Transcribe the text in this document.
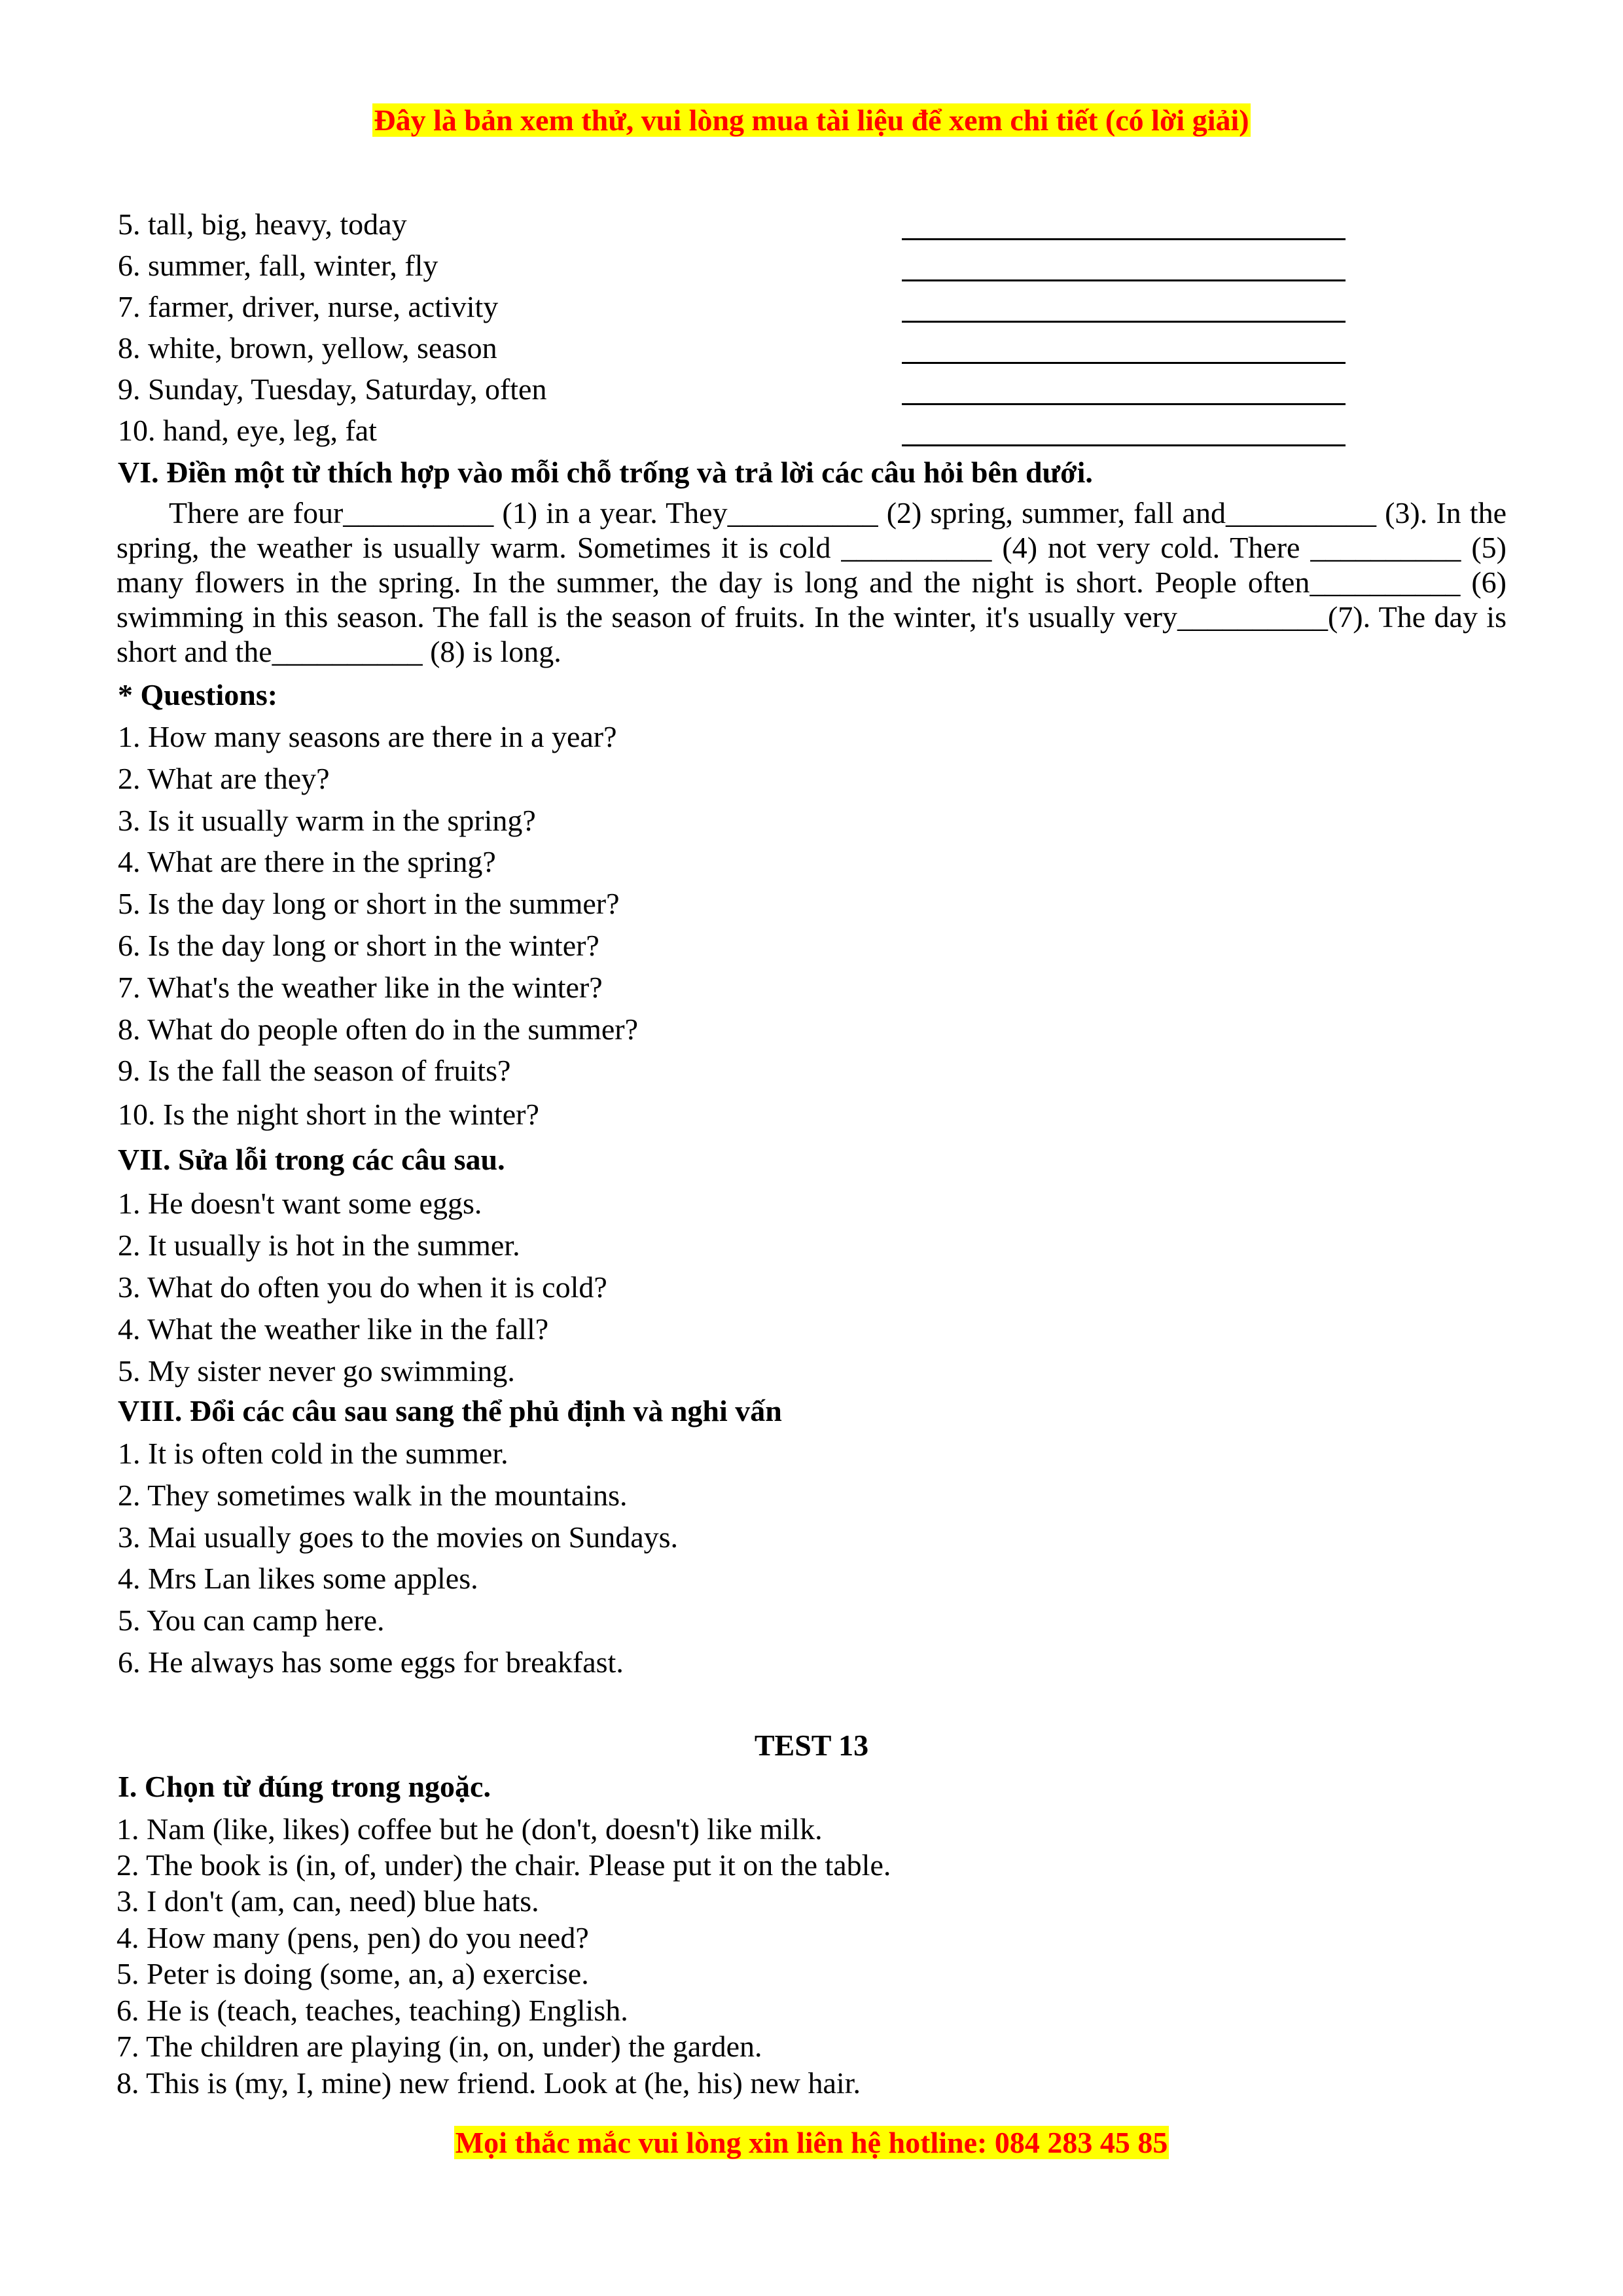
Đây là bản xem thử, vui lòng mua tài liệu để xem chi tiết (có lời giải)
5. tall, big, heavy, today
6. summer, fall, winter, fly
7. farmer, driver, nurse, activity
8. white, brown, yellow, season
9. Sunday, Tuesday, Saturday, often
10. hand, eye, leg, fat
VI. Điền một từ thích hợp vào mỗi chỗ trống và trả lời các câu hỏi bên dưới.
There are four__________ (1) in a year. They__________ (2) spring, summer, fall and__________ (3). In the spring, the weather is usually warm. Sometimes it is cold __________ (4) not very cold. There __________ (5) many flowers in the spring. In the summer, the day is long and the night is short. People often__________ (6) swimming in this season. The fall is the season of fruits. In the winter, it's usually very__________(7). The day is short and the__________ (8) is long.
* Questions:
1. How many seasons are there in a year?
2. What are they?
3. Is it usually warm in the spring?
4. What are there in the spring?
5. Is the day long or short in the summer?
6. Is the day long or short in the winter?
7. What's the weather like in the winter?
8. What do people often do in the summer?
9. Is the fall the season of fruits?
10. Is the night short in the winter?
VII. Sửa lỗi trong các câu sau.
1. He doesn't want some eggs.
2. It usually is hot in the summer.
3. What do often you do when it is cold?
4. What the weather like in the fall?
5. My sister never go swimming.
VIII. Đổi các câu sau sang thể phủ định và nghi vấn
1. It is often cold in the summer.
2. They sometimes walk in the mountains.
3. Mai usually goes to the movies on Sundays.
4. Mrs Lan likes some apples.
5. You can camp here.
6. He always has some eggs for breakfast.
TEST 13
I. Chọn từ đúng trong ngoặc.
1. Nam (like, likes) coffee but he (don't, doesn't) like milk.
2. The book is (in, of, under) the chair. Please put it on the table.
3. I don't (am, can, need) blue hats.
4. How many (pens, pen) do you need?
5. Peter is doing (some, an, a) exercise.
6. He is (teach, teaches, teaching) English.
7. The children are playing (in, on, under) the garden.
8. This is (my, I, mine) new friend. Look at (he, his) new hair.
Mọi thắc mắc vui lòng xin liên hệ hotline: 084 283 45 85
